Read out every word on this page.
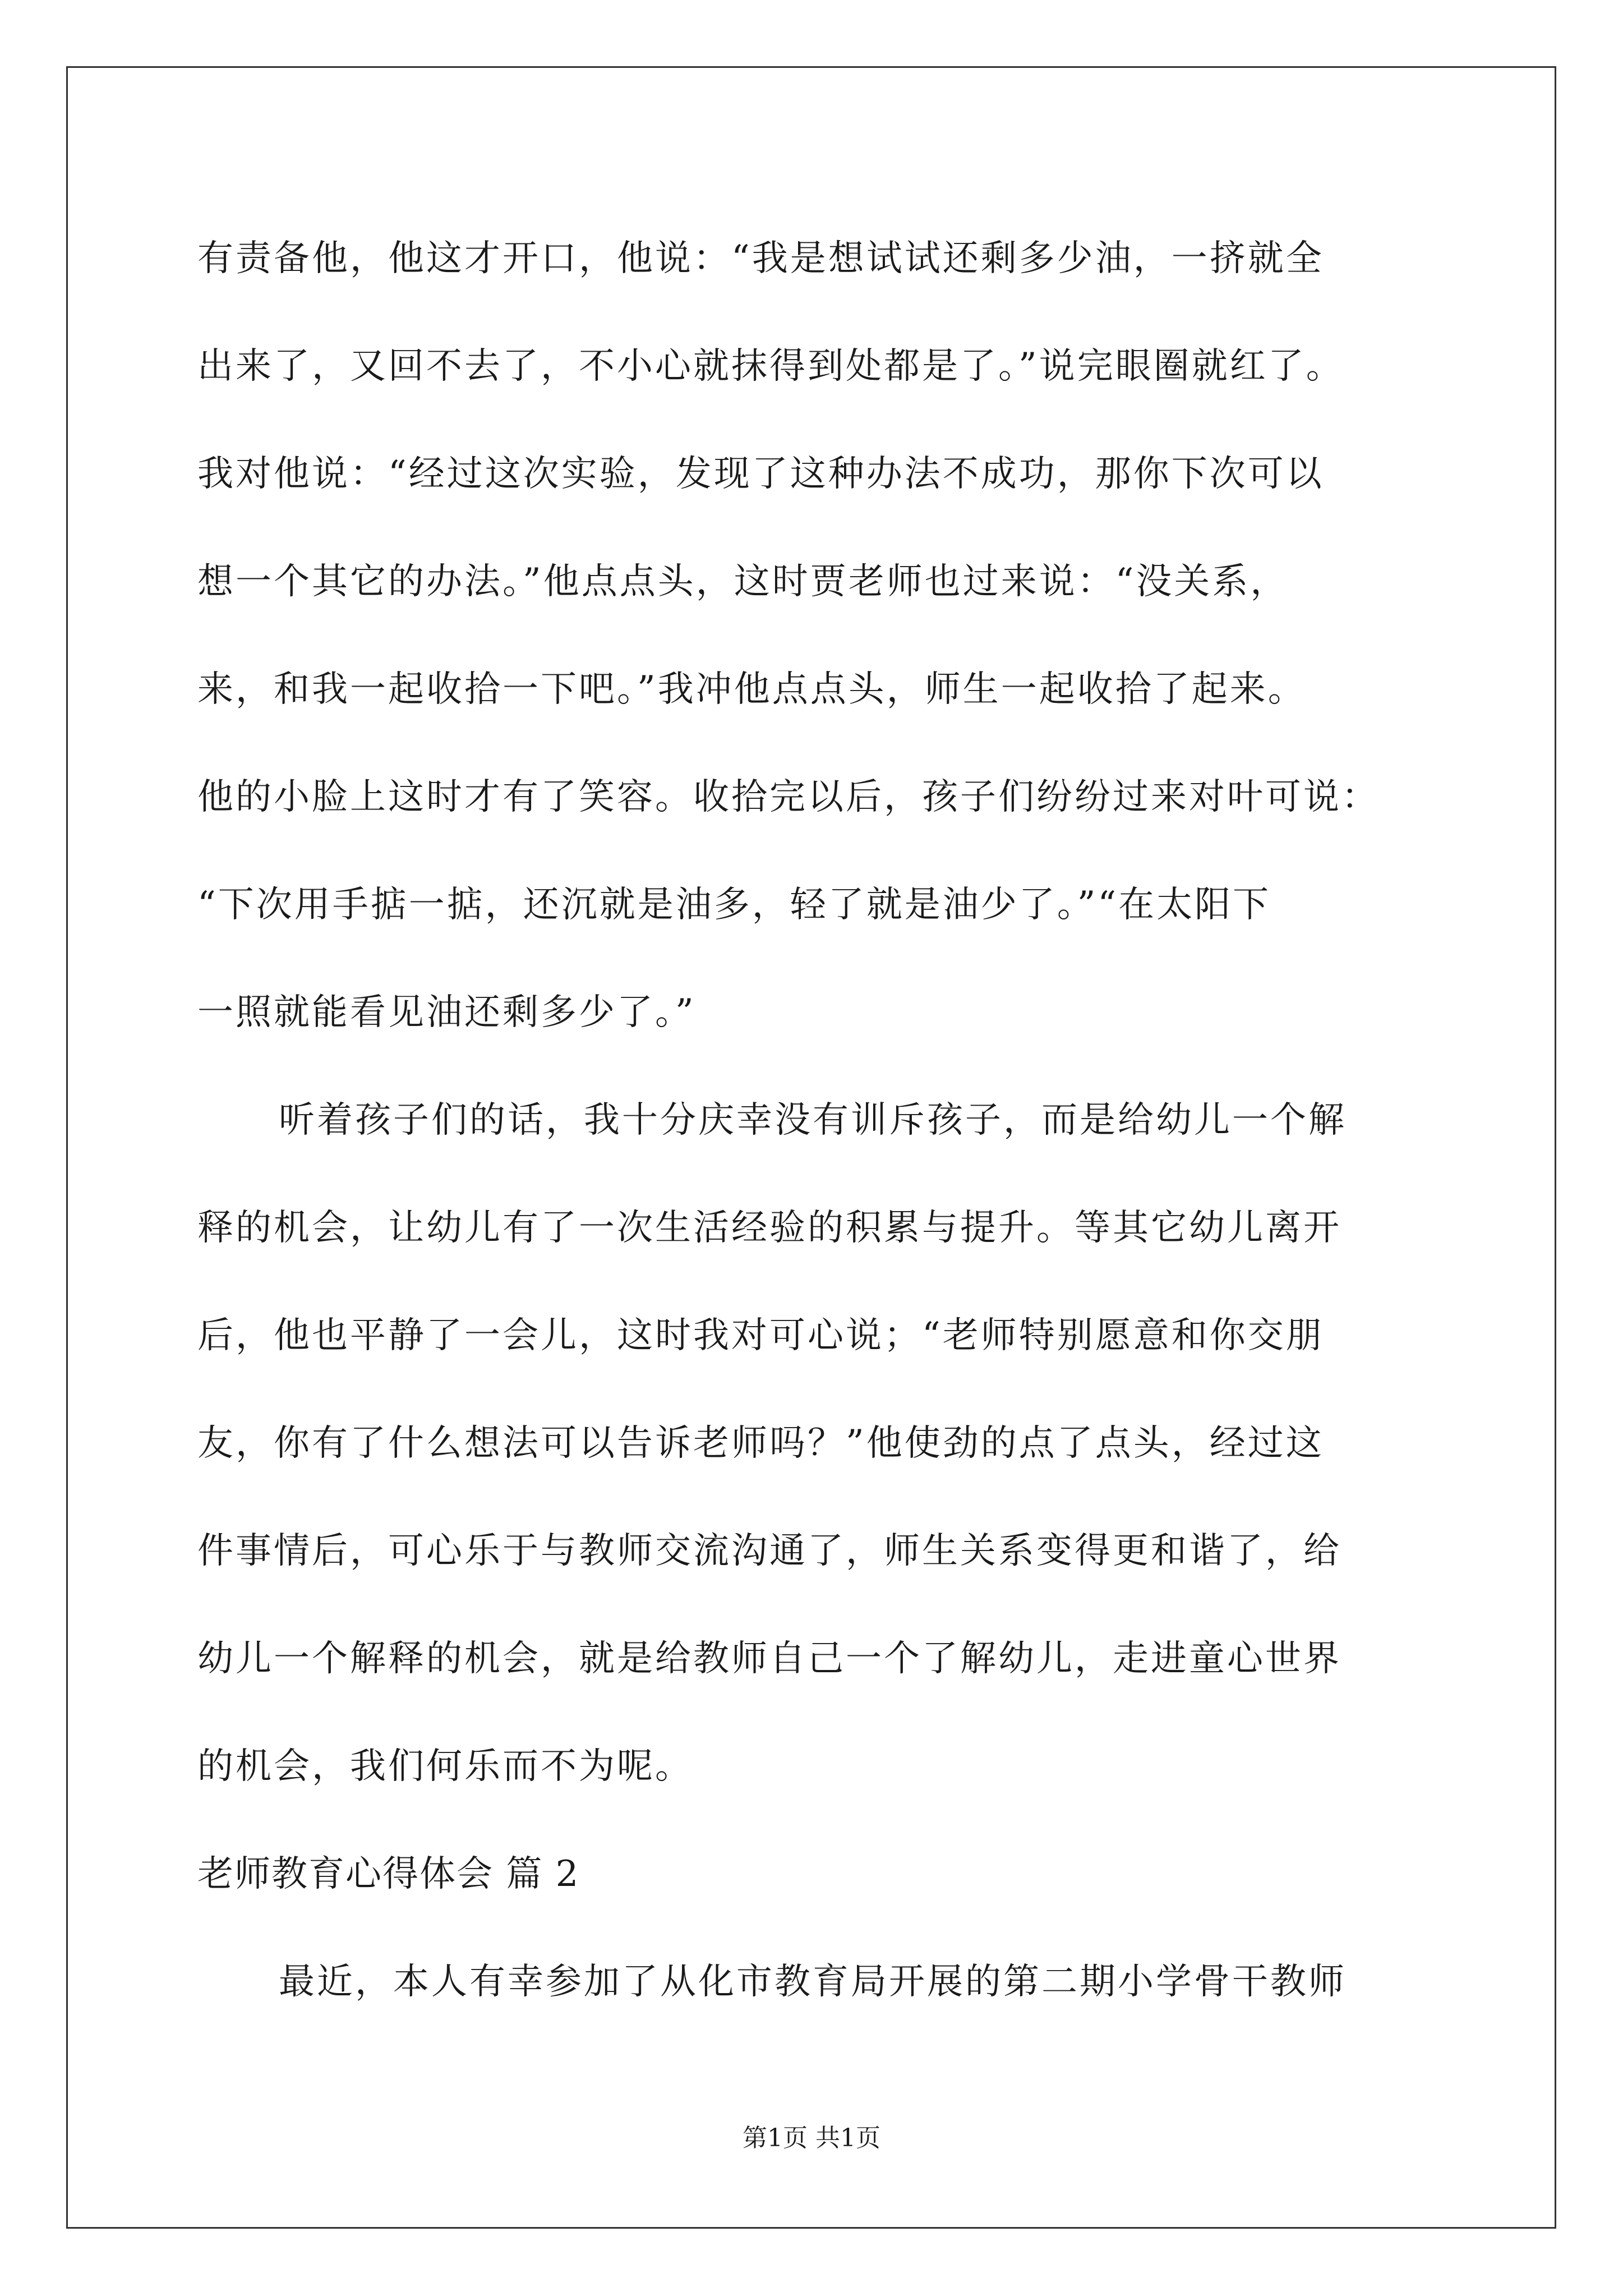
有责备他，他这才开口，他说：“我是想试试还剩多少油，一挤就全
出来了，又回不去了，不小心就抹得到处都是了。”说完眼圈就红了。
我对他说：“经过这次实验，发现了这种办法不成功，那你下次可以
想一个其它的办法。”他点点头，这时贾老师也过来说：“没关系，
来，和我一起收拾一下吧。”我冲他点点头，师生一起收拾了起来。
他的小脸上这时才有了笑容。收拾完以后，孩子们纷纷过来对叶可说：
“下次用手掂一掂，还沉就是油多，轻了就是油少了。”“在太阳下
一照就能看见油还剩多少了。”
听着孩子们的话，我十分庆幸没有训斥孩子，而是给幼儿一个解
释的机会，让幼儿有了一次生活经验的积累与提升。等其它幼儿离开
后，他也平静了一会儿，这时我对可心说；“老师特别愿意和你交朋
友，你有了什么想法可以告诉老师吗？”他使劲的点了点头，经过这
件事情后，可心乐于与教师交流沟通了，师生关系变得更和谐了，给
幼儿一个解释的机会，就是给教师自己一个了解幼儿，走进童心世界
的机会，我们何乐而不为呢。
老师教育心得体会 篇 2
最近，本人有幸参加了从化市教育局开展的第二期小学骨干教师
第1页 共1页
